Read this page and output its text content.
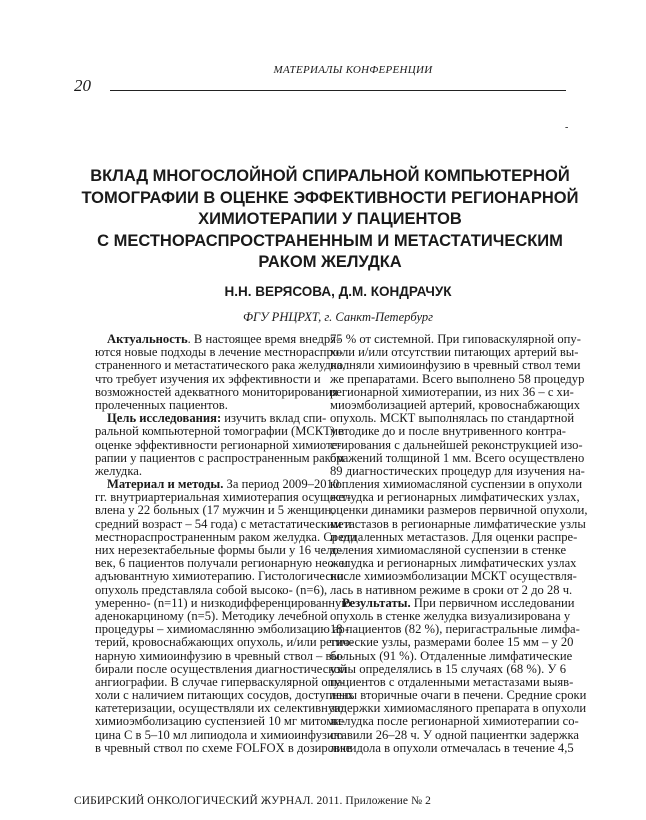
МАТЕРИАЛЫ КОНФЕРЕНЦИИ
20
-
ВКЛАД МНОГОСЛОЙНОЙ СПИРАЛЬНОЙ КОМПЬЮТЕРНОЙ
ТОМОГРАФИИ В ОЦЕНКЕ ЭФФЕКТИВНОСТИ РЕГИОНАРНОЙ
ХИМИОТЕРАПИИ У ПАЦИЕНТОВ
С МЕСТНОРАСПРОСТРАНЕННЫМ И МЕТАСТАТИЧЕСКИМ
РАКОМ ЖЕЛУДКА
Н.Н. ВЕРЯСОВА, Д.М. КОНДРАЧУК
ФГУ РНЦРХТ, г. Санкт-Петербург
Актуальность. В настоящее время внедря-
ются новые подходы в лечение местнораспро-
страненного и метастатического рака желудка,
что требует изучения их эффективности и
возможностей адекватного мониторирования
пролеченных пациентов.
Цель исследования: изучить вклад спи-
ральной компьютерной томографии (МСКТ) в
оценке эффективности регионарной химиоте-
рапии у пациентов с распространенным раком
желудка.
Материал и методы. За период 2009–2010
гг. внутриартериальная химиотерапия осущест-
влена у 22 больных (17 мужчин и 5 женщин,
средний возраст – 54 года) с метастатическим и
местнораспространенным раком желудка. Среди
них нерезектабельные формы были у 16 чело-
век, 6 пациентов получали регионарную нео- и
адъювантную химиотерапию. Гистологически
опухоль представляла собой высоко- (n=6),
умеренно- (n=11) и низкодифференцированную
аденокарциному (n=5). Методику лечебной
процедуры – химиомаслянню эмболизацию ар-
терий, кровоснабжающих опухоль, и/или регио-
нарную химиоинфузию в чревный ствол – вы-
бирали после осуществления диагностической
ангиографии. В случае гиперваскулярной опу-
холи с наличием питающих сосудов, доступных
катетеризации, осуществляли их селективную
химиоэмболизацию суспензией 10 мг митоми-
цина С в 5–10 мл липиодола и химиоинфузию
в чревный ствол по схеме FOLFOX в дозировке
75 % от системной. При гиповаскулярной опу-
холи и/или отсутствии питающих артерий вы-
полняли химиоинфузию в чревный ствол теми
же препаратами. Всего выполнено 58 процедур
регионарной химиотерапии, из них 36 – с хи-
миоэмболизацией артерий, кровоснабжающих
опухоль. МСКТ выполнялась по стандартной
методике до и после внутривенного контра-
стирования с дальнейшей реконструкцией изо-
бражений толщиной 1 мм. Всего осуществлено
89 диагностических процедур для изучения на-
копления химиомасляной суспензии в опухоли
желудка и регионарных лимфатических узлах,
оценки динамики размеров первичной опухоли,
метастазов в регионарные лимфатические узлы
и отдаленных метастазов. Для оценки распре-
деления химиомасляной суспензии в стенке
желудка и регионарных лимфатических узлах
после химиоэмболизации МСКТ осуществля-
лась в нативном режиме в сроки от 2 до 28 ч.
Результаты. При первичном исследовании
опухоль в стенке желудка визуализирована у
18 пациентов (82 %), перигастральные лимфа-
тические узлы, размерами более 15 мм – у 20
больных (91 %). Отдаленные лимфатические
узлы определялись в 15 случаях (68 %). У 6
пациентов с отдаленными метастазами выяв-
лены вторичные очаги в печени. Средние сроки
задержки химиомасляного препарата в опухоли
желудка после регионарной химиотерапии со-
ставили 26–28 ч. У одной пациентки задержка
липидола в опухоли отмечалась в течение 4,5
СИБИРСКИЙ ОНКОЛОГИЧЕСКИЙ ЖУРНАЛ. 2011. Приложение № 2
